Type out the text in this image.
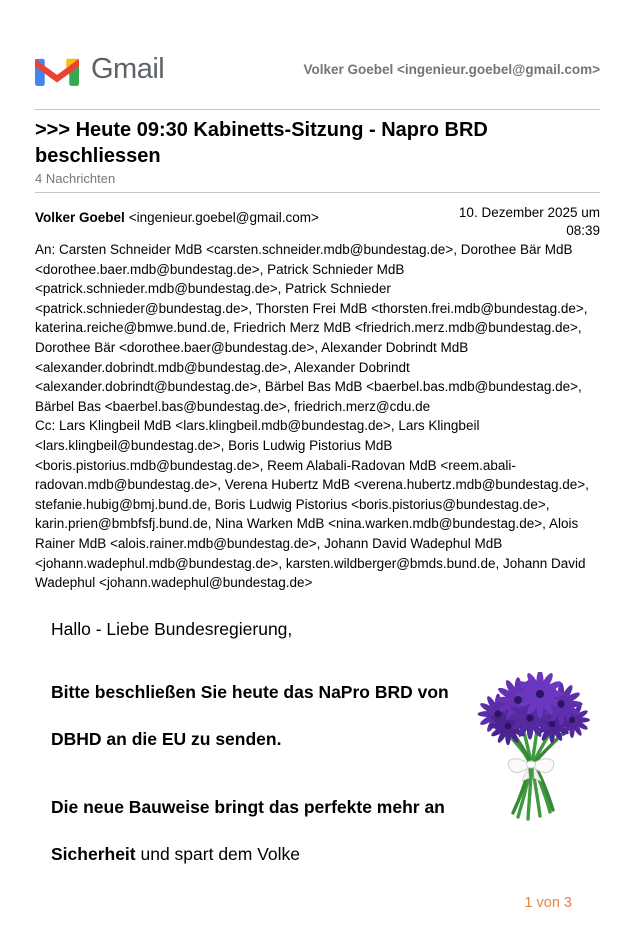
Gmail	Volker Goebel <ingenieur.goebel@gmail.com>
>>> Heute 09:30 Kabinetts-Sitzung - Napro BRD beschliessen
4 Nachrichten
Volker Goebel <ingenieur.goebel@gmail.com>	10. Dezember 2025 um 08:39
An: Carsten Schneider MdB <carsten.schneider.mdb@bundestag.de>, Dorothee Bär MdB <dorothee.baer.mdb@bundestag.de>, Patrick Schnieder MdB <patrick.schnieder.mdb@bundestag.de>, Patrick Schnieder <patrick.schnieder@bundestag.de>, Thorsten Frei MdB <thorsten.frei.mdb@bundestag.de>, katerina.reiche@bmwe.bund.de, Friedrich Merz MdB <friedrich.merz.mdb@bundestag.de>, Dorothee Bär <dorothee.baer@bundestag.de>, Alexander Dobrindt MdB <alexander.dobrindt.mdb@bundestag.de>, Alexander Dobrindt <alexander.dobrindt@bundestag.de>, Bärbel Bas MdB <baerbel.bas.mdb@bundestag.de>, Bärbel Bas <baerbel.bas@bundestag.de>, friedrich.merz@cdu.de
Cc: Lars Klingbeil MdB <lars.klingbeil.mdb@bundestag.de>, Lars Klingbeil <lars.klingbeil@bundestag.de>, Boris Ludwig Pistorius MdB <boris.pistorius.mdb@bundestag.de>, Reem Alabali-Radovan MdB <reem.abali-radovan.mdb@bundestag.de>, Verena Hubertz MdB <verena.hubertz.mdb@bundestag.de>, stefanie.hubig@bmj.bund.de, Boris Ludwig Pistorius <boris.pistorius@bundestag.de>, karin.prien@bmbfsfj.bund.de, Nina Warken MdB <nina.warken.mdb@bundestag.de>, Alois Rainer MdB <alois.rainer.mdb@bundestag.de>, Johann David Wadephul MdB <johann.wadephul.mdb@bundestag.de>, karsten.wildberger@bmds.bund.de, Johann David Wadephul <johann.wadephul@bundestag.de>

Hallo - Liebe Bundesregierung,

Bitte beschließen Sie heute das NaPro BRD von DBHD an die EU zu senden.

Die neue Bauweise bringt das perfekte mehr an Sicherheit und spart dem Volke

1 von 3
